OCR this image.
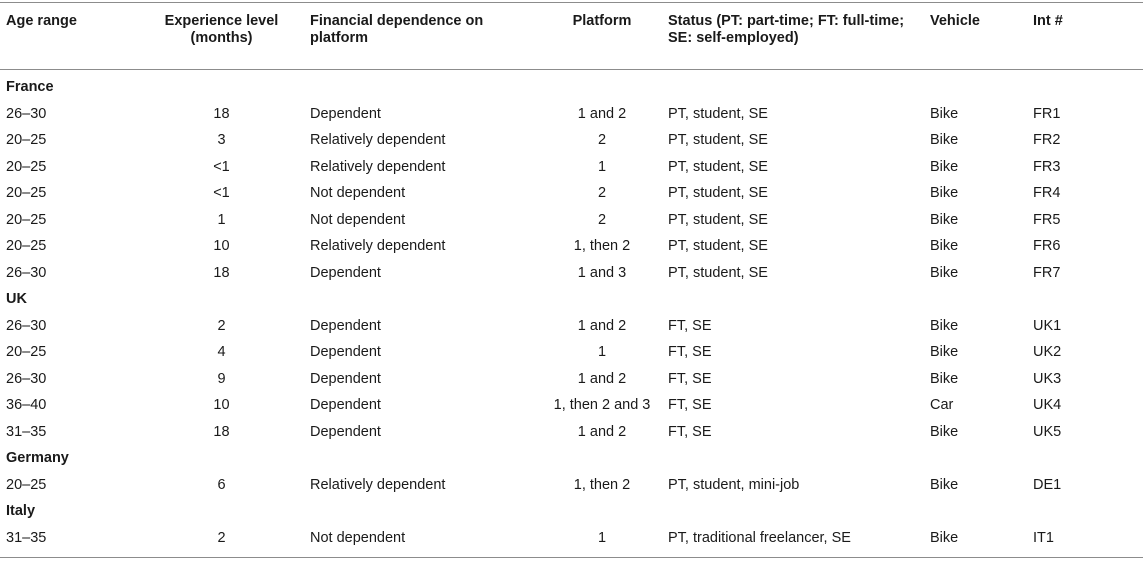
Age range	Experience level (months)	Financial dependence on platform	Platform	Status (PT: part-time; FT: full-time; SE: self-employed)	Vehicle	Int #

France						
26–30	18	Dependent	1 and 2	PT, student, SE	Bike	FR1
20–25	3	Relatively dependent	2	PT, student, SE	Bike	FR2
20–25	<1	Relatively dependent	1	PT, student, SE	Bike	FR3
20–25	<1	Not dependent	2	PT, student, SE	Bike	FR4
20–25	1	Not dependent	2	PT, student, SE	Bike	FR5
20–25	10	Relatively dependent	1, then 2	PT, student, SE	Bike	FR6
26–30	18	Dependent	1 and 3	PT, student, SE	Bike	FR7
UK						
26–30	2	Dependent	1 and 2	FT, SE	Bike	UK1
20–25	4	Dependent	1	FT, SE	Bike	UK2
26–30	9	Dependent	1 and 2	FT, SE	Bike	UK3
36–40	10	Dependent	1, then 2 and 3	FT, SE	Car	UK4
31–35	18	Dependent	1 and 2	FT, SE	Bike	UK5
Germany						
20–25	6	Relatively dependent	1, then 2	PT, student, mini-job	Bike	DE1
Italy						
31–35	2	Not dependent	1	PT, traditional freelancer, SE	Bike	IT1
